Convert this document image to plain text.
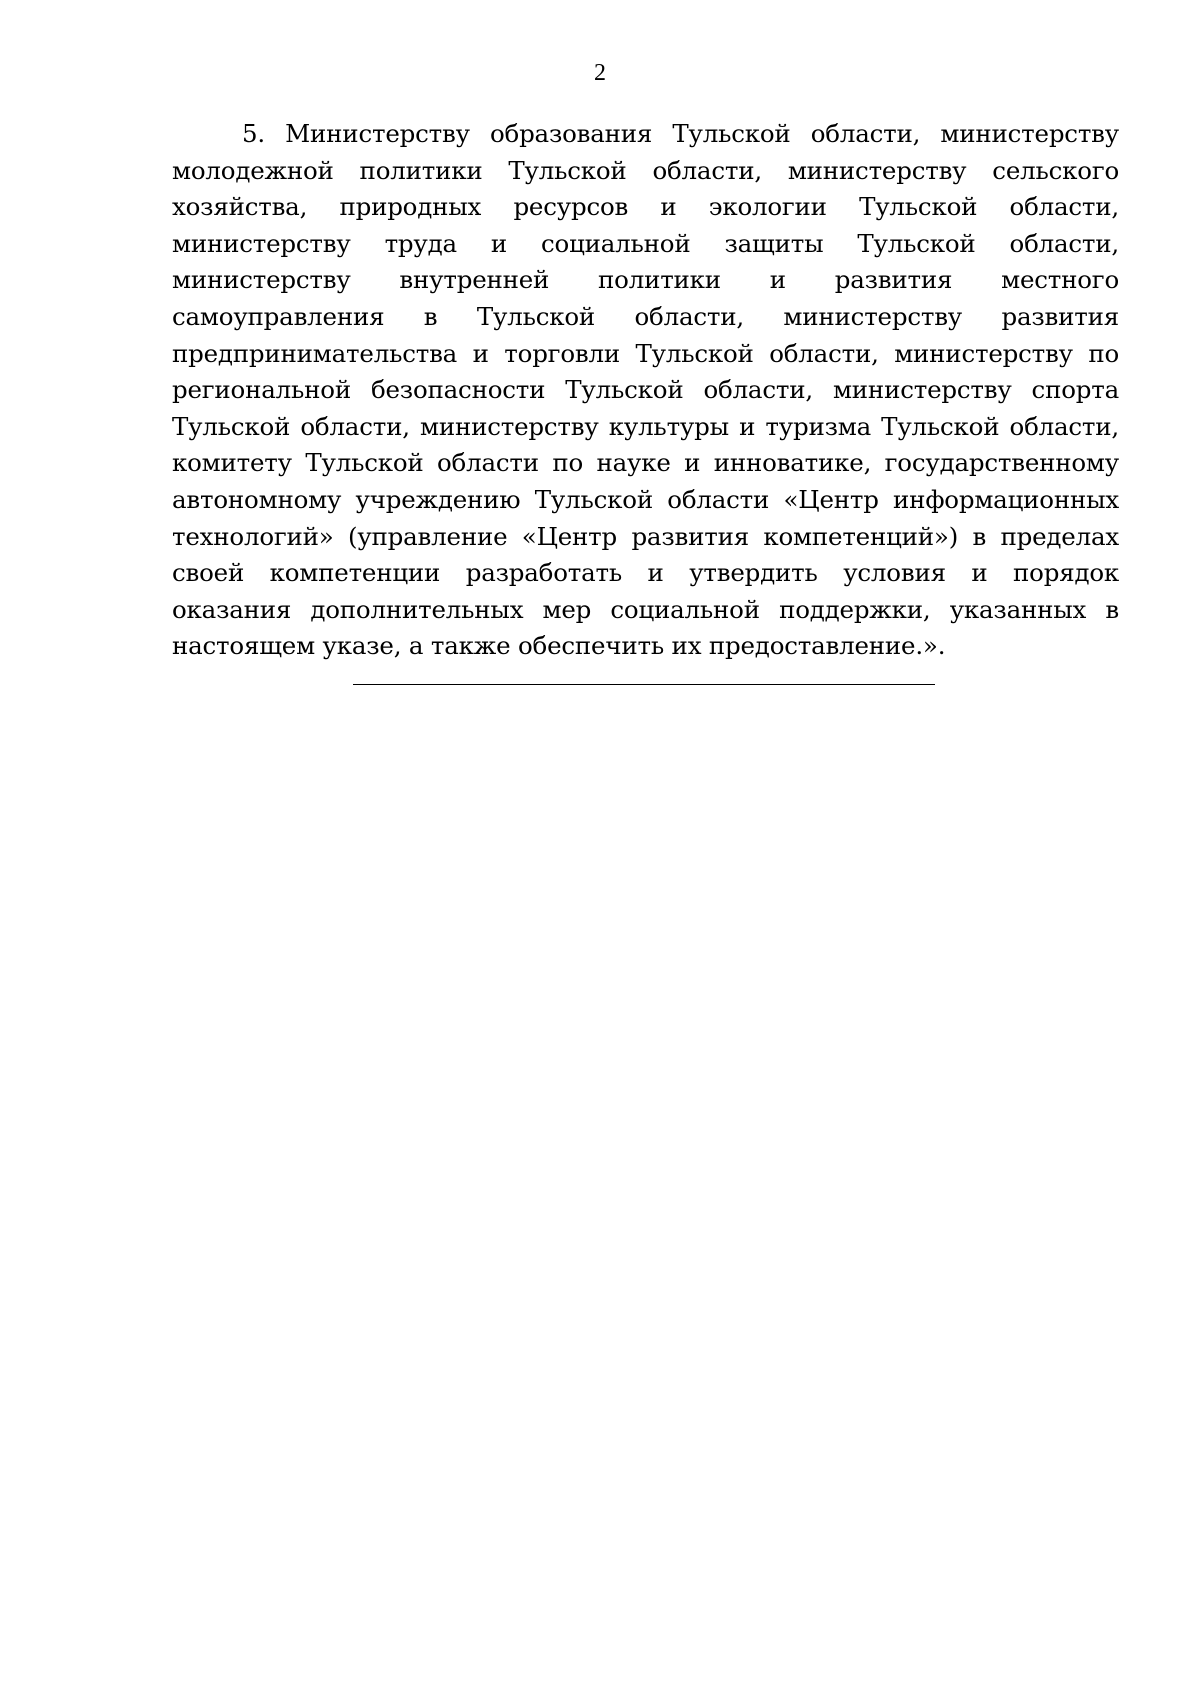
2

5. Министерству образования Тульской области, министерству молодежной политики Тульской области, министерству сельского хозяйства, природных ресурсов и экологии Тульской области, министерству труда и социальной защиты Тульской области, министерству внутренней политики и развития местного самоуправления в Тульской области, министерству развития предпринимательства и торговли Тульской области, министерству по региональной безопасности Тульской области, министерству спорта Тульской области, министерству культуры и туризма Тульской области, комитету Тульской области по науке и инноватике, государственному автономному учреждению Тульской области «Центр информационных технологий» (управление «Центр развития компетенций») в пределах своей компетенции разработать и утвердить условия и порядок оказания дополнительных мер социальной поддержки, указанных в настоящем указе, а также обеспечить их предоставление.».
